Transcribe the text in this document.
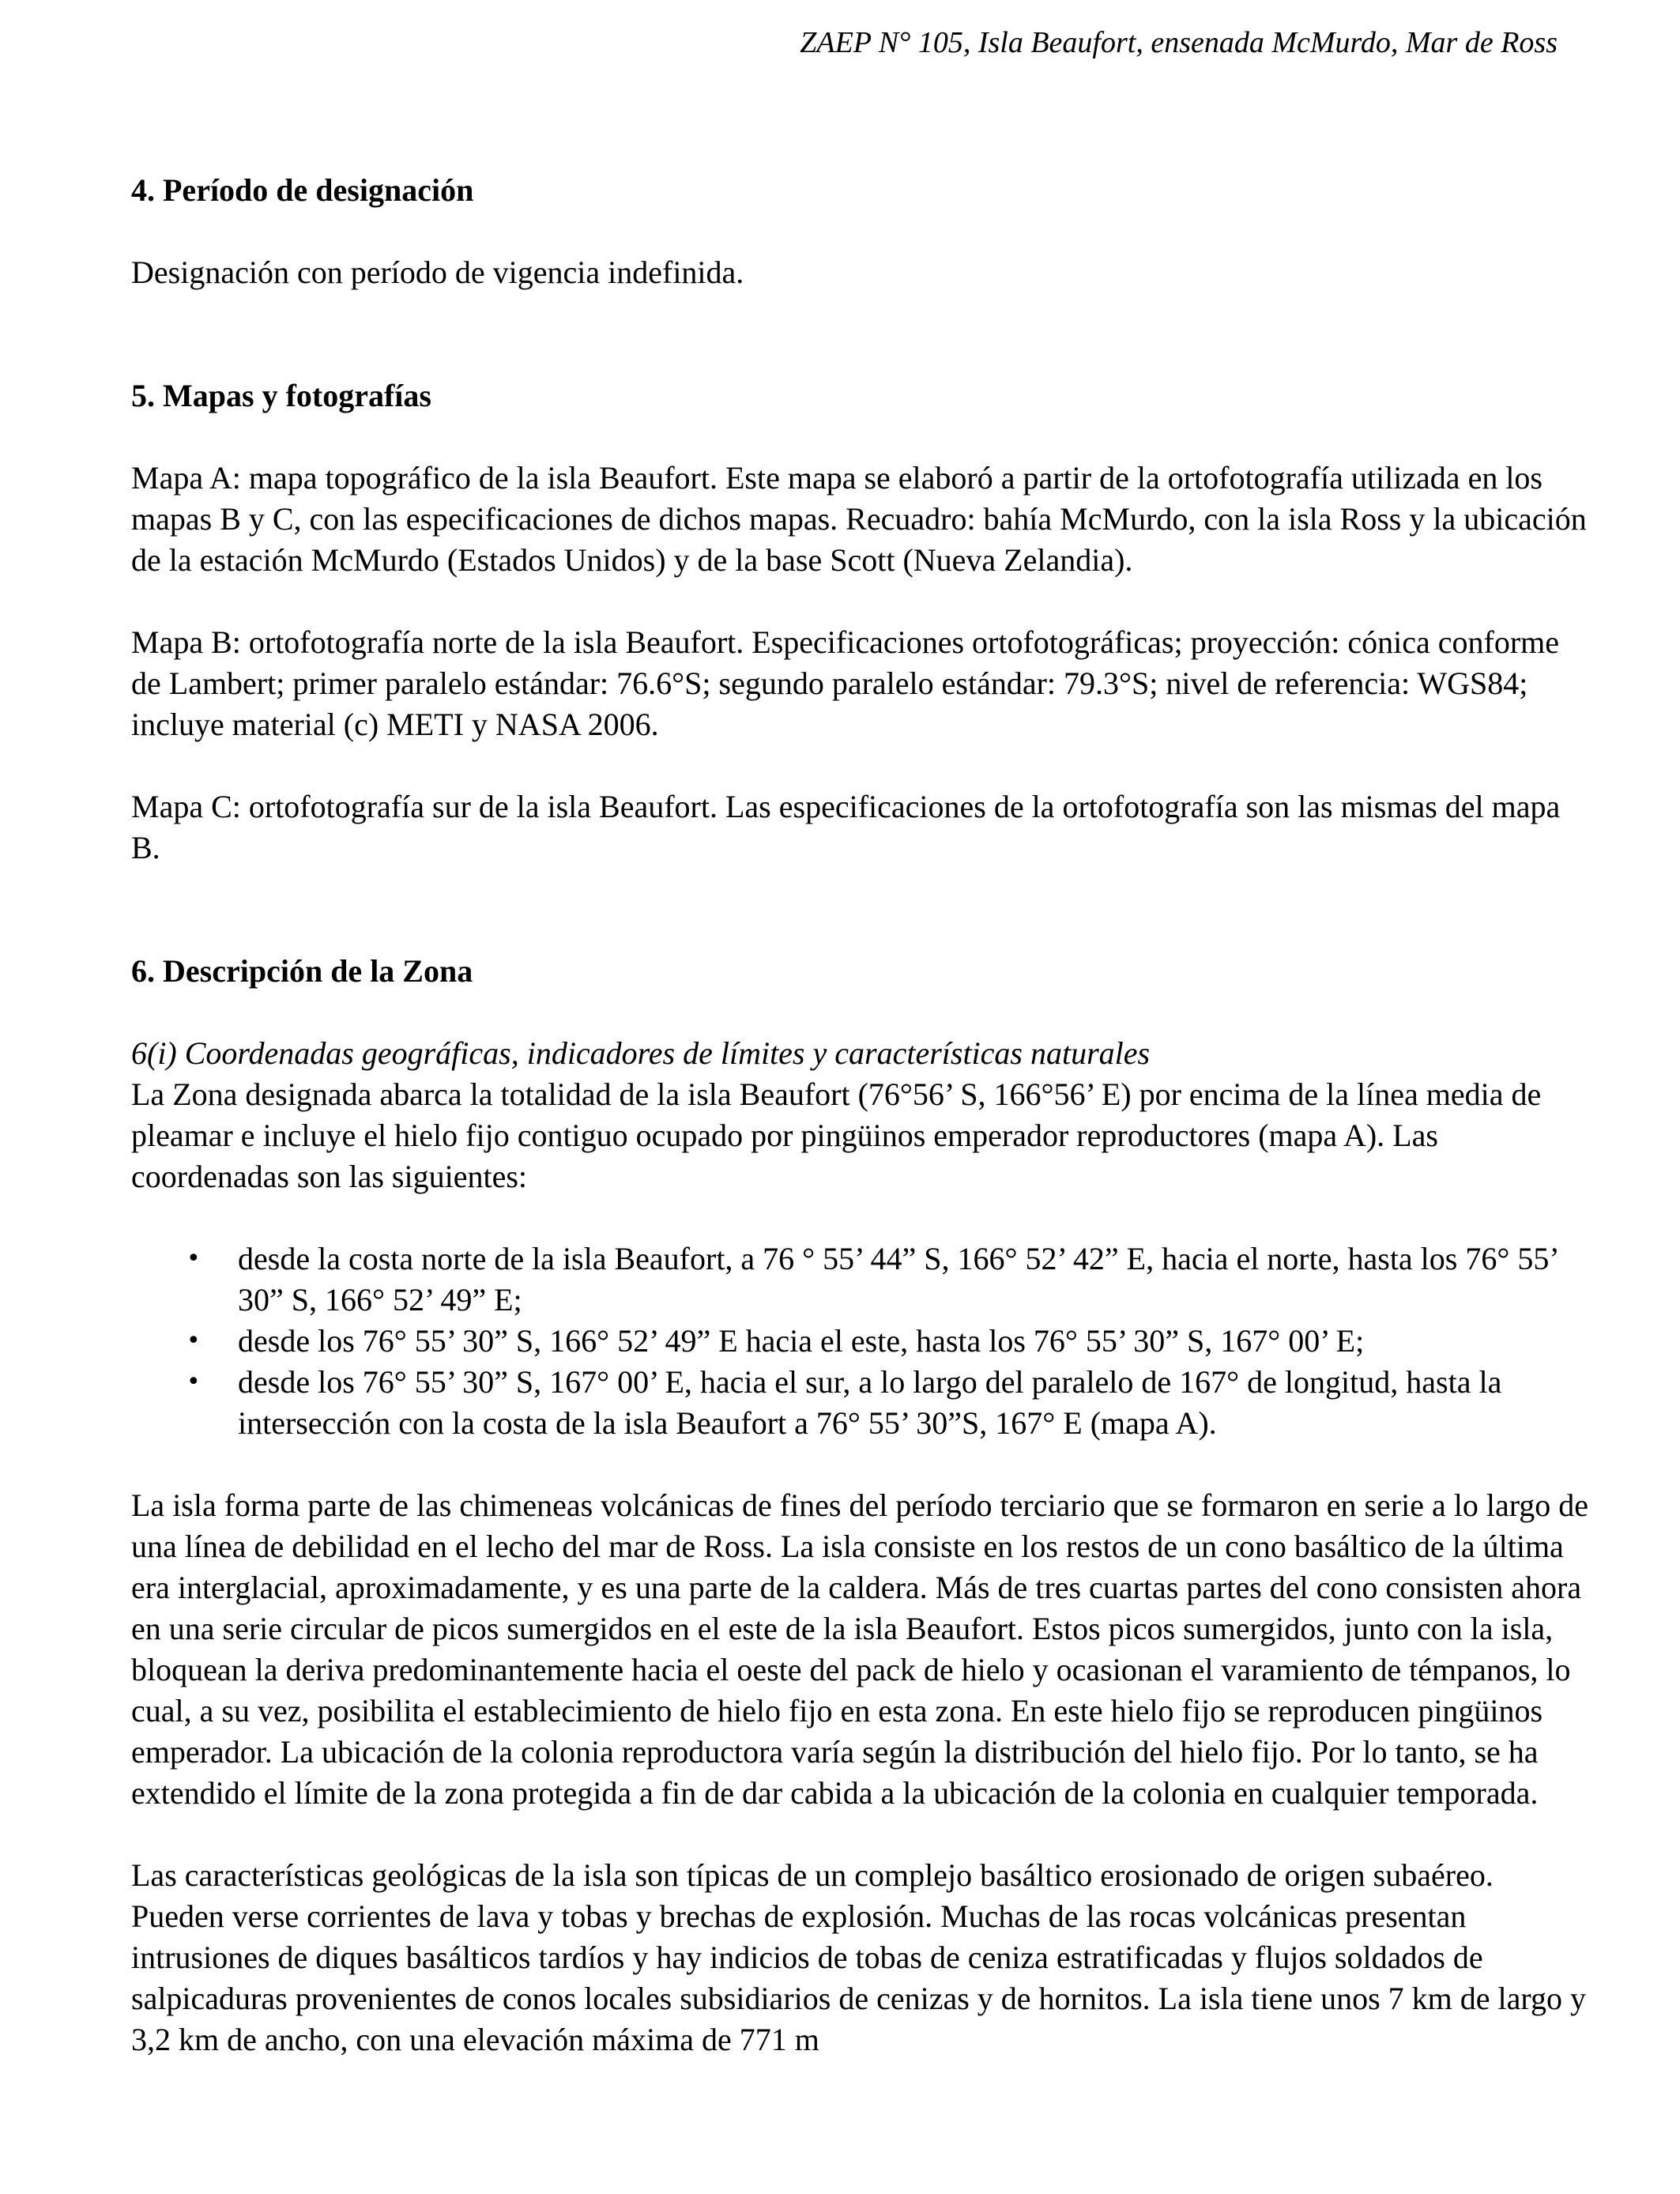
ZAEP N° 105, Isla Beaufort, ensenada McMurdo, Mar de Ross

4. Período de designación

Designación con período de vigencia indefinida.

5. Mapas y fotografías

Mapa A: mapa topográfico de la isla Beaufort. Este mapa se elaboró a partir de la ortofotografía utilizada en los mapas B y C, con las especificaciones de dichos mapas. Recuadro: bahía McMurdo, con la isla Ross y la ubicación de la estación McMurdo (Estados Unidos) y de la base Scott (Nueva Zelandia).

Mapa B: ortofotografía norte de la isla Beaufort. Especificaciones ortofotográficas; proyección: cónica conforme de Lambert; primer paralelo estándar: 76.6°S; segundo paralelo estándar: 79.3°S; nivel de referencia: WGS84; incluye material (c) METI y NASA 2006.

Mapa C: ortofotografía sur de la isla Beaufort. Las especificaciones de la ortofotografía son las mismas del mapa B.

6. Descripción de la Zona

6(i) Coordenadas geográficas, indicadores de límites y características naturales

La Zona designada abarca la totalidad de la isla Beaufort (76°56’ S, 166°56’ E) por encima de la línea media de pleamar e incluye el hielo fijo contiguo ocupado por pingüinos emperador reproductores (mapa A). Las coordenadas son las siguientes:

• desde la costa norte de la isla Beaufort, a 76 ° 55’ 44” S, 166° 52’ 42” E, hacia el norte, hasta los 76° 55’ 30” S, 166° 52’ 49” E;
• desde los 76° 55’ 30” S, 166° 52’ 49” E hacia el este, hasta los 76° 55’ 30” S, 167° 00’ E;
• desde los 76° 55’ 30” S, 167° 00’ E, hacia el sur, a lo largo del paralelo de 167° de longitud, hasta la intersección con la costa de la isla Beaufort a 76° 55’ 30”S, 167° E (mapa A).

La isla forma parte de las chimeneas volcánicas de fines del período terciario que se formaron en serie a lo largo de una línea de debilidad en el lecho del mar de Ross. La isla consiste en los restos de un cono basáltico de la última era interglacial, aproximadamente, y es una parte de la caldera. Más de tres cuartas partes del cono consisten ahora en una serie circular de picos sumergidos en el este de la isla Beaufort. Estos picos sumergidos, junto con la isla, bloquean la deriva predominantemente hacia el oeste del pack de hielo y ocasionan el varamiento de témpanos, lo cual, a su vez, posibilita el establecimiento de hielo fijo en esta zona. En este hielo fijo se reproducen pingüinos emperador. La ubicación de la colonia reproductora varía según la distribución del hielo fijo. Por lo tanto, se ha extendido el límite de la zona protegida a fin de dar cabida a la ubicación de la colonia en cualquier temporada.

Las características geológicas de la isla son típicas de un complejo basáltico erosionado de origen subaéreo. Pueden verse corrientes de lava y tobas y brechas de explosión. Muchas de las rocas volcánicas presentan intrusiones de diques basálticos tardíos y hay indicios de tobas de ceniza estratificadas y flujos soldados de salpicaduras provenientes de conos locales subsidiarios de cenizas y de hornitos. La isla tiene unos 7 km de largo y 3,2 km de ancho, con una elevación máxima de 771 m
